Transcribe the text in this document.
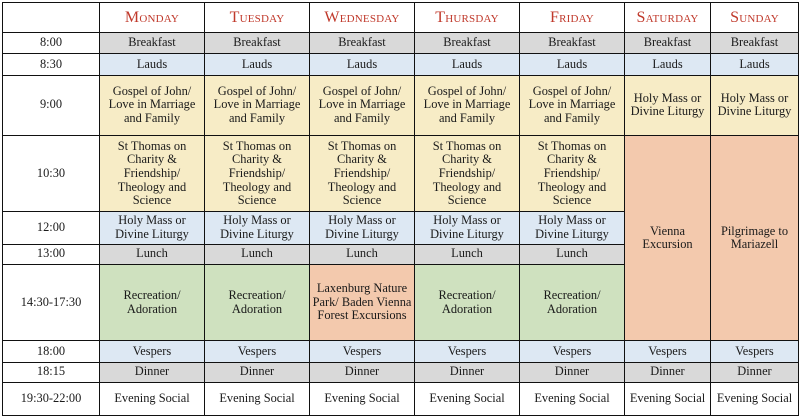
	Monday	Tuesday	Wednesday	Thursday	Friday	Saturday	Sunday
8:00	Breakfast	Breakfast	Breakfast	Breakfast	Breakfast	Breakfast	Breakfast
8:30	Lauds	Lauds	Lauds	Lauds	Lauds	Lauds	Lauds
9:00	Gospel of John/ Love in Marriage and Family	Gospel of John/ Love in Marriage and Family	Gospel of John/ Love in Marriage and Family	Gospel of John/ Love in Marriage and Family	Gospel of John/ Love in Marriage and Family	Holy Mass or Divine Liturgy	Holy Mass or Divine Liturgy
10:30	St Thomas on Charity & Friendship/ Theology and Science	St Thomas on Charity & Friendship/ Theology and Science	St Thomas on Charity & Friendship/ Theology and Science	St Thomas on Charity & Friendship/ Theology and Science	St Thomas on Charity & Friendship/ Theology and Science	Vienna Excursion	Pilgrimage to Mariazell
12:00	Holy Mass or Divine Liturgy	Holy Mass or Divine Liturgy	Holy Mass or Divine Liturgy	Holy Mass or Divine Liturgy	Holy Mass or Divine Liturgy		
13:00	Lunch	Lunch	Lunch	Lunch	Lunch		
14:30-17:30	Recreation/ Adoration	Recreation/ Adoration	Laxenburg Nature Park/ Baden Vienna Forest Excursions	Recreation/ Adoration	Recreation/ Adoration		
18:00	Vespers	Vespers	Vespers	Vespers	Vespers	Vespers	Vespers
18:15	Dinner	Dinner	Dinner	Dinner	Dinner	Dinner	Dinner
19:30-22:00	Evening Social	Evening Social	Evening Social	Evening Social	Evening Social	Evening Social	Evening Social
